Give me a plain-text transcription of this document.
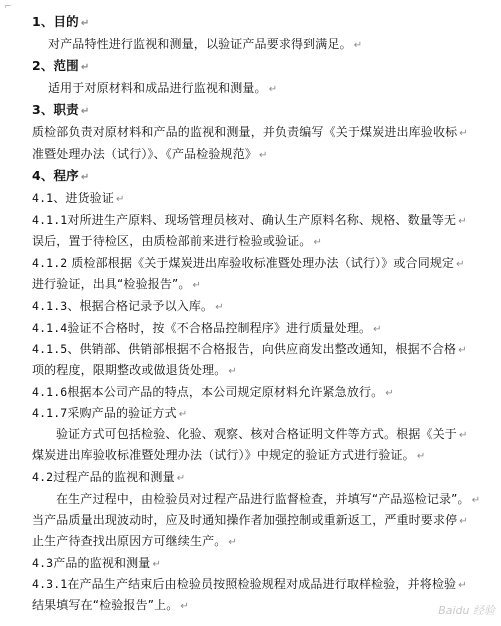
⌐
1、目的 ↵
对产品特性进行监视和测量，以验证产品要求得到满足。 ↵
2、范围 ↵
适用于对原材料和成品进行监视和测量。 ↵
3、职责 ↵
质检部负责对原材料和产品的监视和测量，并负责编写《关于煤炭进出库验收标 ↵
准暨处理办法（试行）》、《产品检验规范》 ↵
4、程序 ↵
4.1、进货验证 ↵
4.1.1对所进生产原料、现场管理员核对、确认生产原料名称、规格、数量等无 ↵
误后，置于待检区，由质检部前来进行检验或验证。 ↵
4.1.2 质检部根据《关于煤炭进出库验收标准暨处理办法（试行）》或合同规定 ↵
进行验证，出具“检验报告”。 ↵
4.1.3、根据合格记录予以入库。 ↵
4.1.4验证不合格时，按《不合格品控制程序》进行质量处理。 ↵
4.1.5、供销部、供销部根据不合格报告，向供应商发出整改通知，根据不合格 ↵
项的程度，限期整改或做退货处理。 ↵
4.1.6根据本公司产品的特点，本公司规定原材料允许紧急放行。 ↵
4.1.7采购产品的验证方式 ↵
验证方式可包括检验、化验、观察、核对合格证明文件等方式。根据《关于 ↵
煤炭进出库验收标准暨处理办法（试行）》中规定的验证方式进行验证。 ↵
4.2过程产品的监视和测量 ↵
在生产过程中，由检验员对过程产品进行监督检查，并填写“产品巡检记录”。 ↵
当产品质量出现波动时，应及时通知操作者加强控制或重新返工，严重时要求停 ↵
止生产待查找出原因方可继续生产。 ↵
4.3产品的监视和测量 ↵
4.3.1在产品生产结束后由检验员按照检验规程对成品进行取样检验，并将检验 ↵
结果填写在“检验报告”上。 ↵	Baidu 经验
